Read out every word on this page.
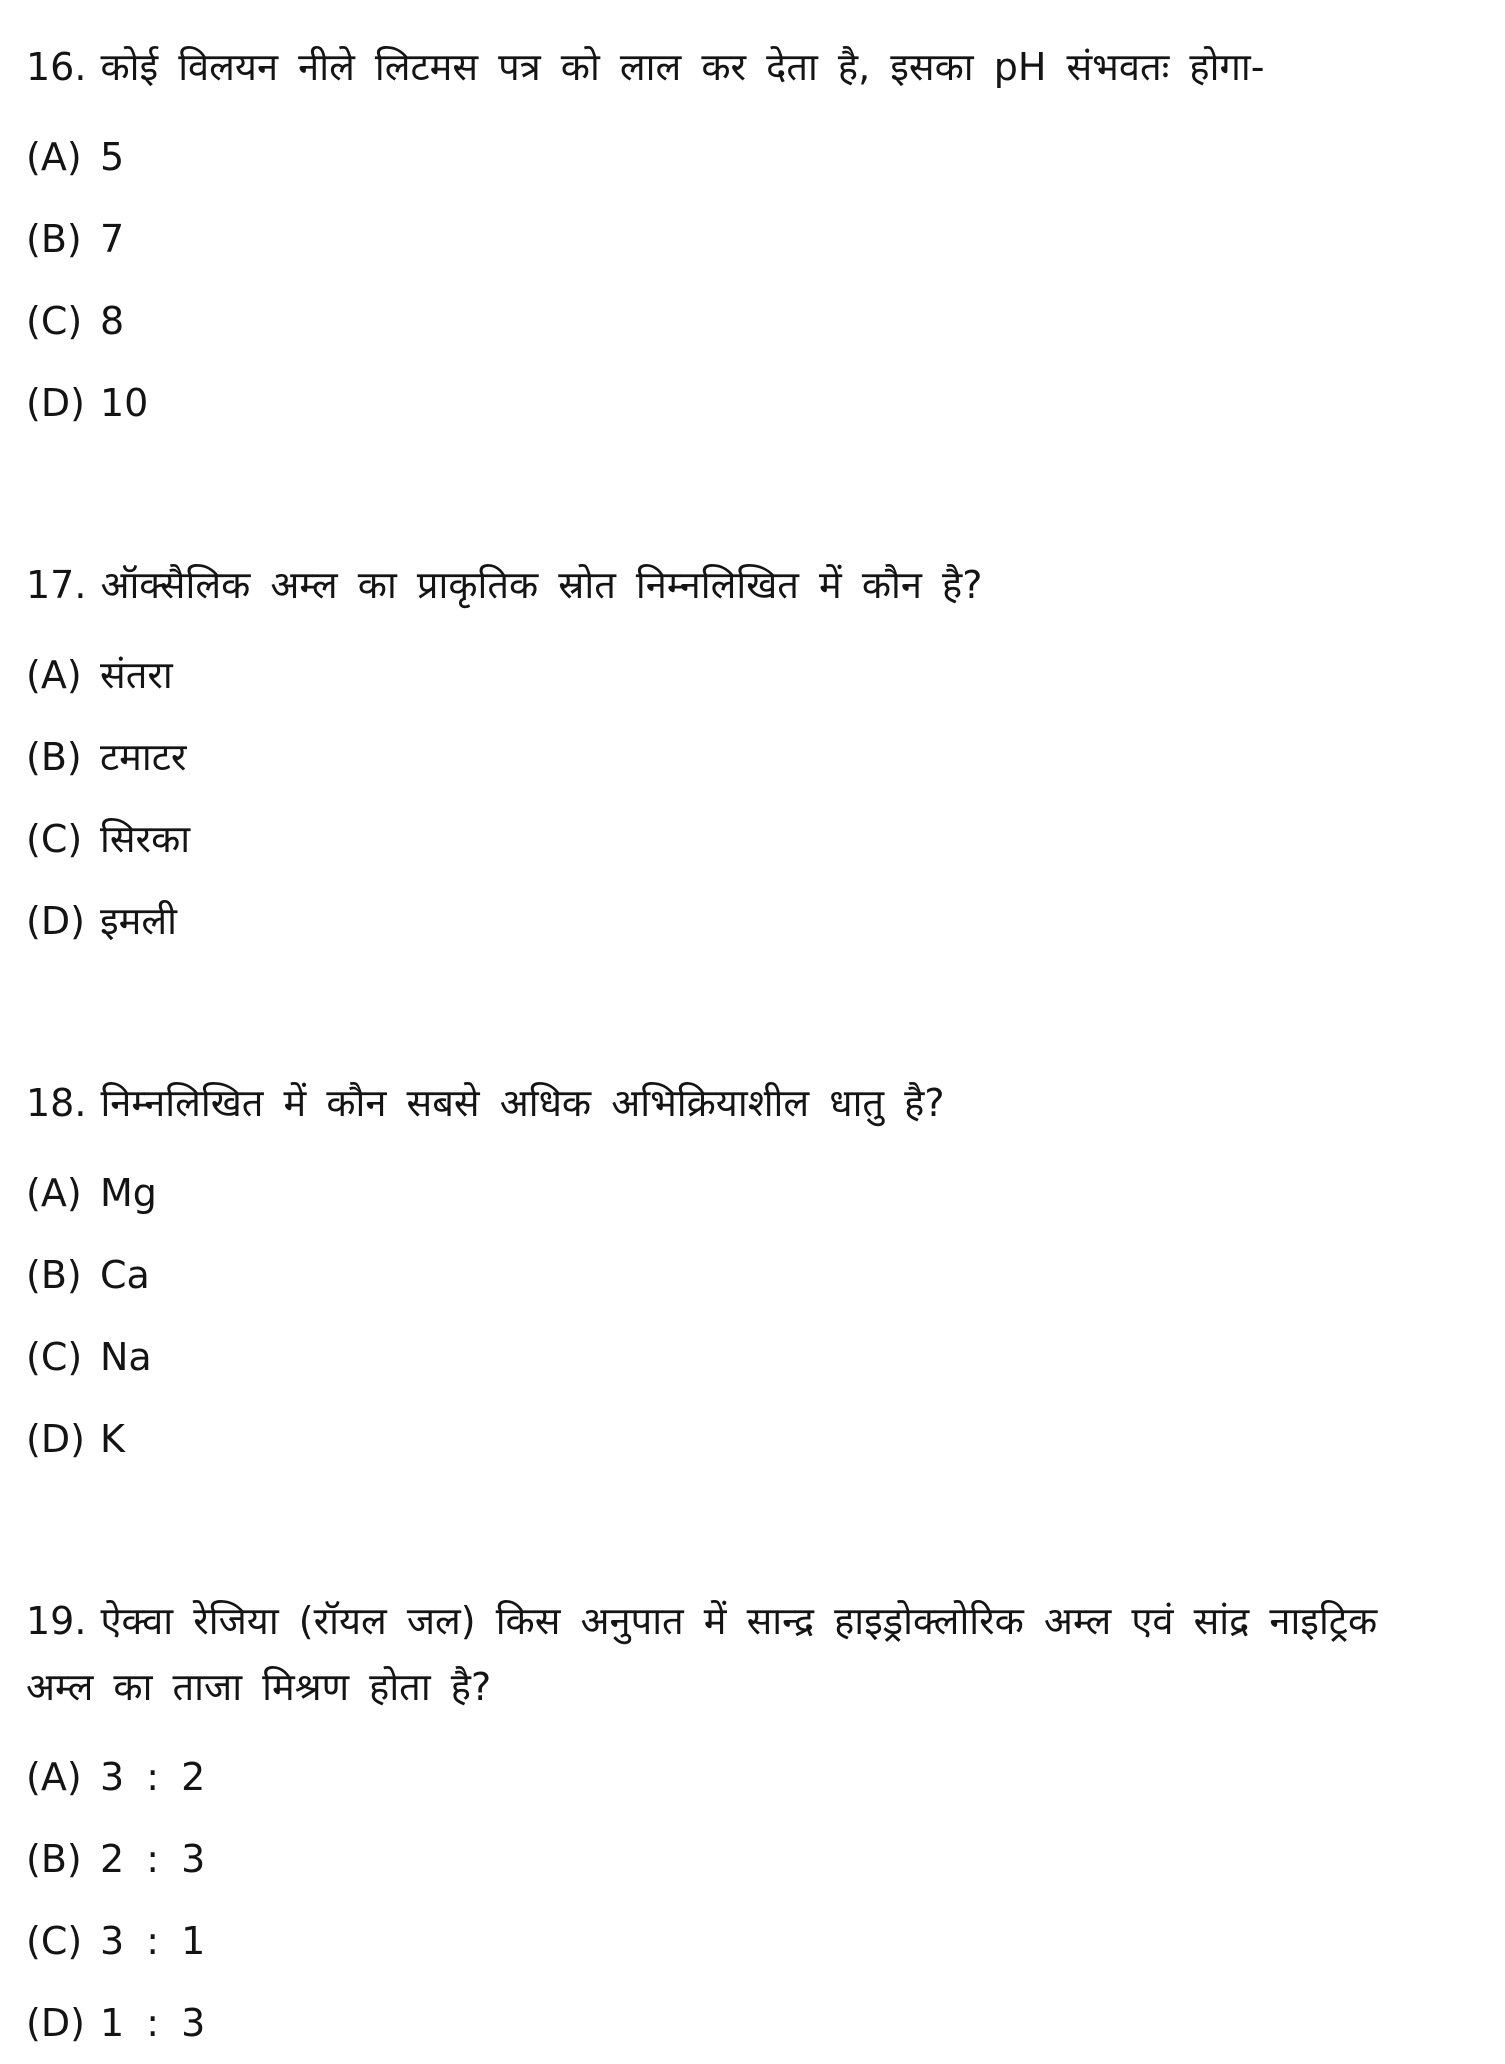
16. कोई विलयन नीले लिटमस पत्र को लाल कर देता है, इसका pH संभवतः होगा-

(A) 5
(B) 7
(C) 8
(D) 10

17. ऑक्सैलिक अम्ल का प्राकृतिक स्रोत निम्नलिखित में कौन है?

(A) संतरा
(B) टमाटर
(C) सिरका
(D) इमली

18. निम्नलिखित में कौन सबसे अधिक अभिक्रियाशील धातु है?

(A) Mg
(B) Ca
(C) Na
(D) K

19. ऐक्वा रेजिया (रॉयल जल) किस अनुपात में सान्द्र हाइड्रोक्लोरिक अम्ल एवं सांद्र नाइट्रिक अम्ल का ताजा मिश्रण होता है?

(A) 3 : 2
(B) 2 : 3
(C) 3 : 1
(D) 1 : 3
